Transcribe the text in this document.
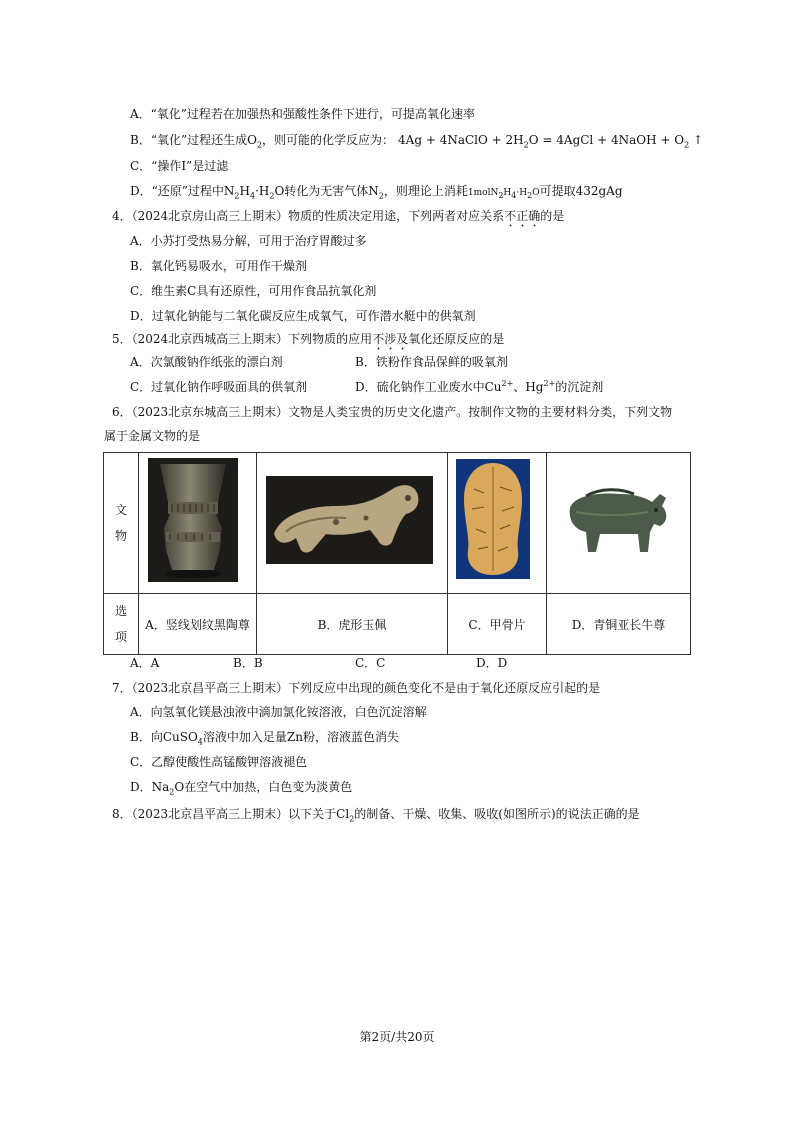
A．“氧化”过程若在加强热和强酸性条件下进行，可提高氧化速率
B．“氧化”过程还生成$O_2$，则可能的化学反应为： 4Ag + 4NaClO + $2H_2O$ = 4AgCl + 4NaOH + $O_2$ ↑
C．“操作I”是过滤
D．“还原”过程中$N_2H_4\cdot H_2O$转化为无害气体$N_2$，则理论上消耗$1molN_2H_4\cdot H_2O$可提取432gAg
4．（2024北京房山高三上期末）物质的性质决定用途，下列两者对应关系不正确的是
A．小苏打受热易分解，可用于治疗胃酸过多
B．氧化钙易吸水，可用作干燥剂
C．维生素C具有还原性，可用作食品抗氧化剂
D．过氧化钠能与二氧化碳反应生成氧气，可作潜水艇中的供氧剂
5．（2024北京西城高三上期末）下列物质的应用不涉及氧化还原反应的是
A．次氯酸钠作纸张的漂白剂	B．铁粉作食品保鲜的吸氧剂
C．过氧化钠作呼吸面具的供氧剂	D．硫化钠作工业废水中$Cu^{2+}$、$Hg^{2+}$的沉淀剂
6．（2023北京东城高三上期末）文物是人类宝贵的历史文化遗产。按制作文物的主要材料分类，下列文物
属于金属文物的是
文
物				

选
项	A．竖线划纹黑陶尊	B．虎形玉佩	C．甲骨片	D．青铜亚长牛尊
A．A	B．B	C．C	D．D
7．（2023北京昌平高三上期末）下列反应中出现的颜色变化不是由于氧化还原反应引起的是
A．向氢氧化镁悬浊液中滴加氯化铵溶液，白色沉淀溶解
B．向CuSO$_4$溶液中加入足量Zn粉，溶液蓝色消失
C．乙醇使酸性高锰酸钾溶液褪色
D．$Na_2O$在空气中加热，白色变为淡黄色
8．（2023北京昌平高三上期末）以下关于$Cl_2$的制备、干燥、收集、吸收(如图所示)的说法正确的是
第2页/共20页
